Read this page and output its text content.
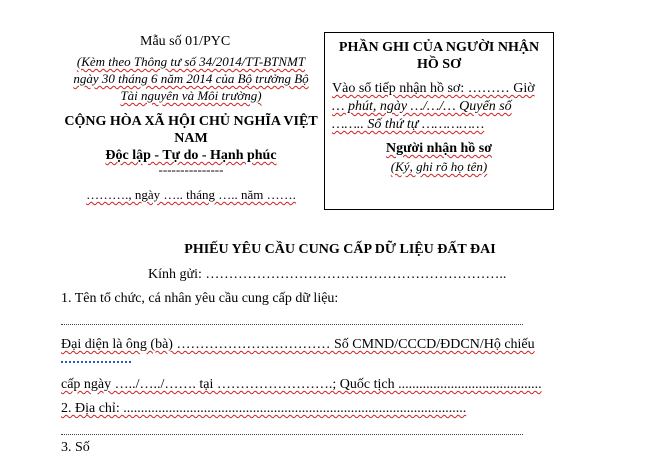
Mẫu số 01/PYC
(Kèm theo Thông tư số 34/2014/TT-BTNMT
ngày 30 tháng 6 năm 2014 của Bộ trưởng Bộ
Tài nguyên và Môi trường)
CỘNG HÒA XÃ HỘI CHỦ NGHĨA VIỆT
NAM
Độc lập - Tự do - Hạnh phúc
---------------
………., ngày ….. tháng ….. năm …….
PHẦN GHI CỦA NGƯỜI NHẬN
HỒ SƠ
Vào sổ tiếp nhận hồ sơ: ……… Giờ
… phút, ngày …/…/… Quyển số
…….. Số thứ tự ……………
Người nhận hồ sơ
(Ký, ghi rõ họ tên)
PHIẾU YÊU CẦU CUNG CẤP DỮ LIỆU ĐẤT ĐAI
Kính gửi: ………………………………………………………..
1. Tên tổ chức, cá nhân yêu cầu cung cấp dữ liệu:
Đại diện là ông (bà) …………………………… Số CMND/CCCD/ĐDCN/Hộ chiếu
cấp ngày …../…../……. tại …………………….; Quốc tịch .........................................
2. Địa chỉ: ..................................................................................................
3. Số
